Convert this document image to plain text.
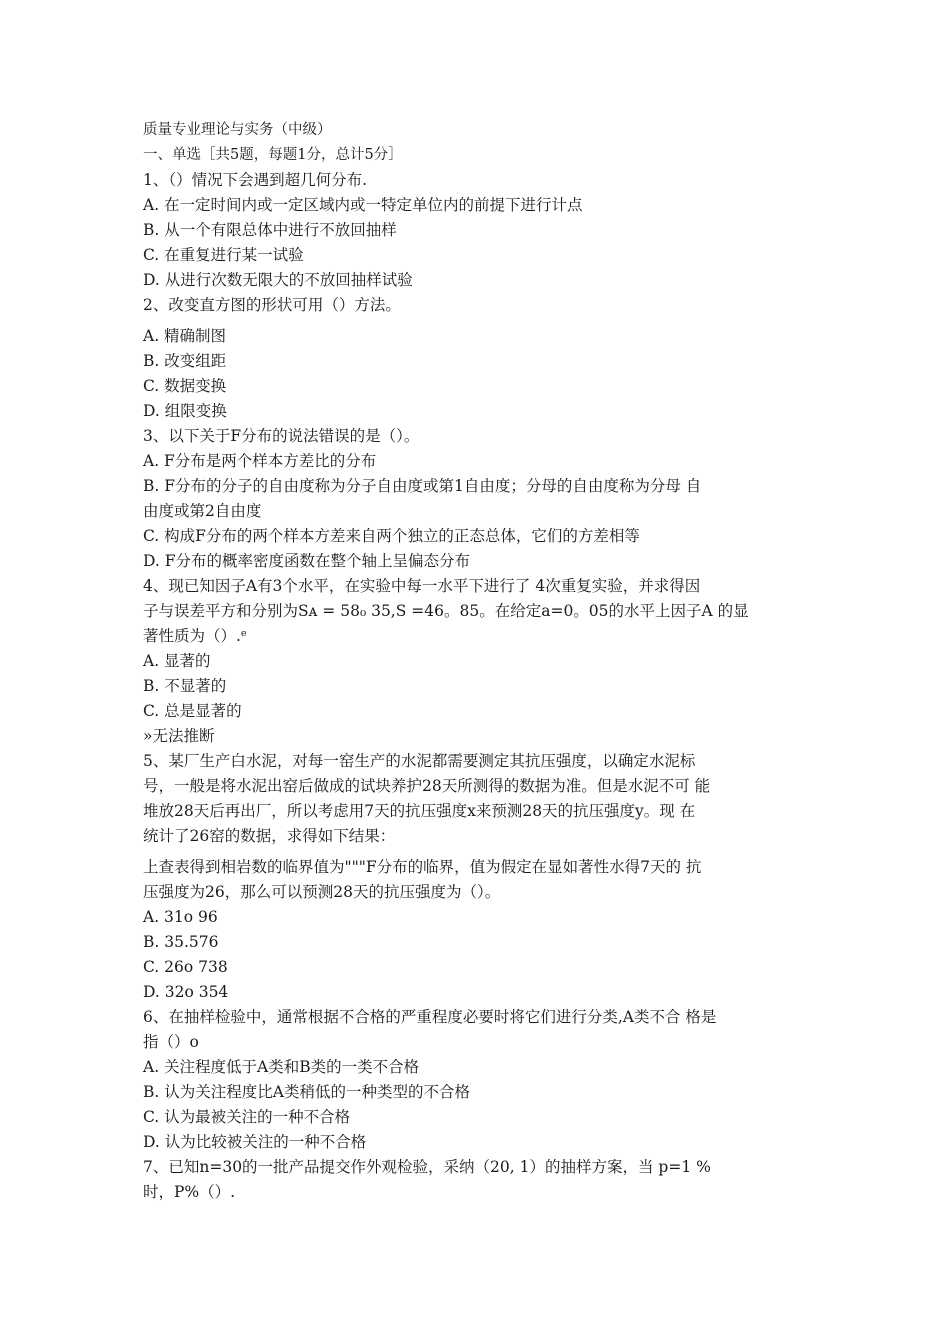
质量专业理论与实务（中级）
一、单选［共5题，每题1分，总计5分］
1、（）情况下会遇到超几何分布.
A. 在一定时间内或一定区域内或一特定单位内的前提下进行计点
B. 从一个有限总体中进行不放回抽样
C. 在重复进行某一试验
D. 从进行次数无限大的不放回抽样试验
2、改变直方图的形状可用（）方法。
A. 精确制图
B. 改变组距
C. 数据变换
D. 组限变换
3、以下关于F分布的说法错误的是（）。
A. F分布是两个样本方差比的分布
B. F分布的分子的自由度称为分子自由度或第1自由度；分母的自由度称为分母 自
由度或第2自由度
C. 构成F分布的两个样本方差来自两个独立的正态总体，它们的方差相等
D. F分布的概率密度函数在整个轴上呈偏态分布
4、现已知因子A有3个水平，在实验中每一水平下进行了 4次重复实验，并求得因
子与误差平方和分别为Sᴀ = 58₀ 35,S =46。85。在给定a=0。05的水平上因子A 的显
著性质为（）.ᵉ
A. 显著的
B. 不显著的
C. 总是显著的
»无法推断
5、某厂生产白水泥，对每一窑生产的水泥都需要测定其抗压强度，以确定水泥标
号，一般是将水泥出窑后做成的试块养护28天所测得的数据为准。但是水泥不可 能
堆放28天后再出厂，所以考虑用7天的抗压强度x来预测28天的抗压强度y。现 在
统计了26窑的数据，求得如下结果：
上查表得到相岩数的临界值为"""F分布的临界，值为假定在显如著性水得7天的 抗
压强度为26，那么可以预测28天的抗压强度为（）。
A. 31o 96
B. 35.576
C. 26o 738
D. 32o 354
6、在抽样检验中，通常根据不合格的严重程度必要时将它们进行分类,A类不合 格是
指（）o
A. 关注程度低于A类和B类的一类不合格
B. 认为关注程度比A类稍低的一种类型的不合格
C. 认为最被关注的一种不合格
D. 认为比较被关注的一种不合格
7、已知n=30的一批产品提交作外观检验，采纳（20, 1）的抽样方案，当 p=1 %
时，P%（）.
